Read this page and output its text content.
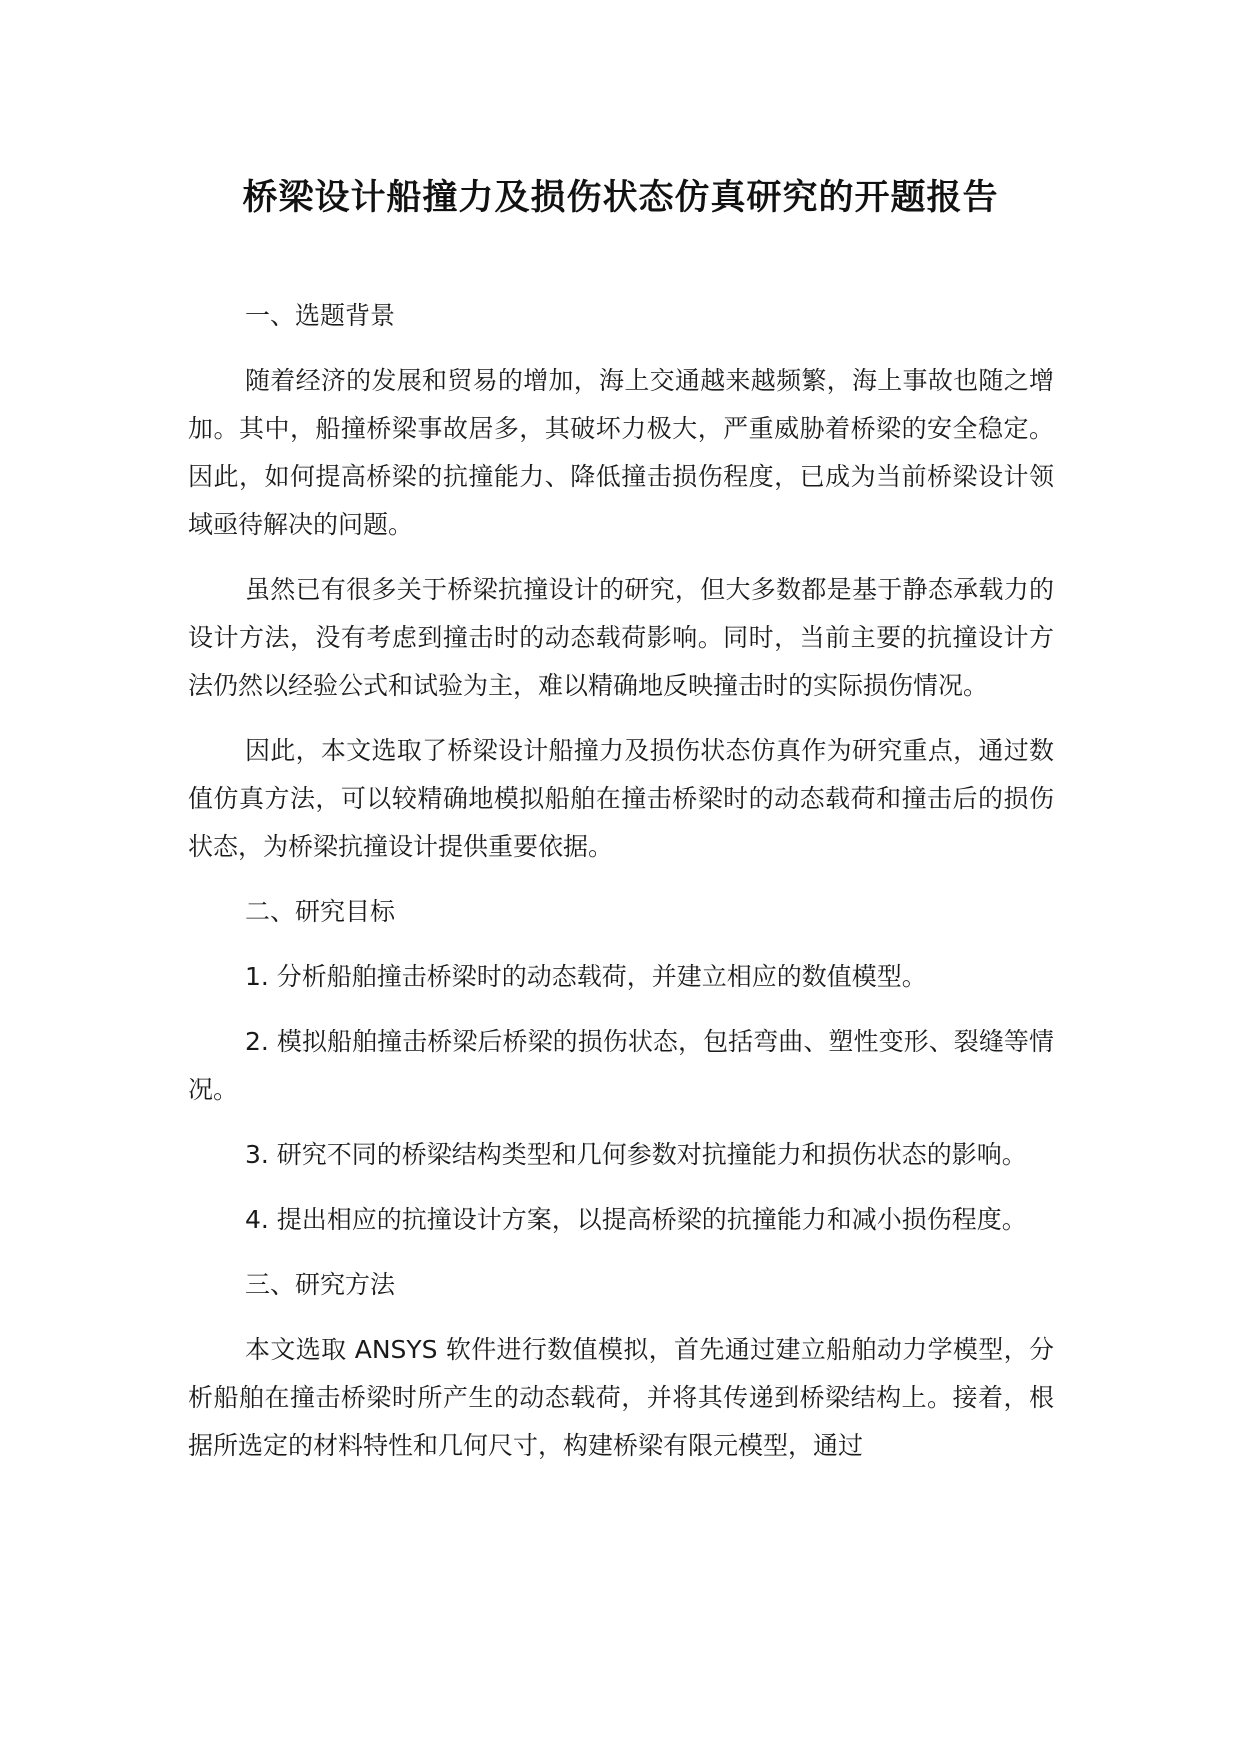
桥梁设计船撞力及损伤状态仿真研究的开题报告

一、选题背景

随着经济的发展和贸易的增加，海上交通越来越频繁，海上事故也随之增加。其中，船撞桥梁事故居多，其破坏力极大，严重威胁着桥梁的安全稳定。因此，如何提高桥梁的抗撞能力、降低撞击损伤程度，已成为当前桥梁设计领域亟待解决的问题。

虽然已有很多关于桥梁抗撞设计的研究，但大多数都是基于静态承载力的设计方法，没有考虑到撞击时的动态载荷影响。同时，当前主要的抗撞设计方法仍然以经验公式和试验为主，难以精确地反映撞击时的实际损伤情况。

因此，本文选取了桥梁设计船撞力及损伤状态仿真作为研究重点，通过数值仿真方法，可以较精确地模拟船舶在撞击桥梁时的动态载荷和撞击后的损伤状态，为桥梁抗撞设计提供重要依据。

二、研究目标

1. 分析船舶撞击桥梁时的动态载荷，并建立相应的数值模型。

2. 模拟船舶撞击桥梁后桥梁的损伤状态，包括弯曲、塑性变形、裂缝等情况。

3. 研究不同的桥梁结构类型和几何参数对抗撞能力和损伤状态的影响。

4. 提出相应的抗撞设计方案，以提高桥梁的抗撞能力和减小损伤程度。

三、研究方法

本文选取 ANSYS 软件进行数值模拟，首先通过建立船舶动力学模型，分析船舶在撞击桥梁时所产生的动态载荷，并将其传递到桥梁结构上。接着，根据所选定的材料特性和几何尺寸，构建桥梁有限元模型，通过
